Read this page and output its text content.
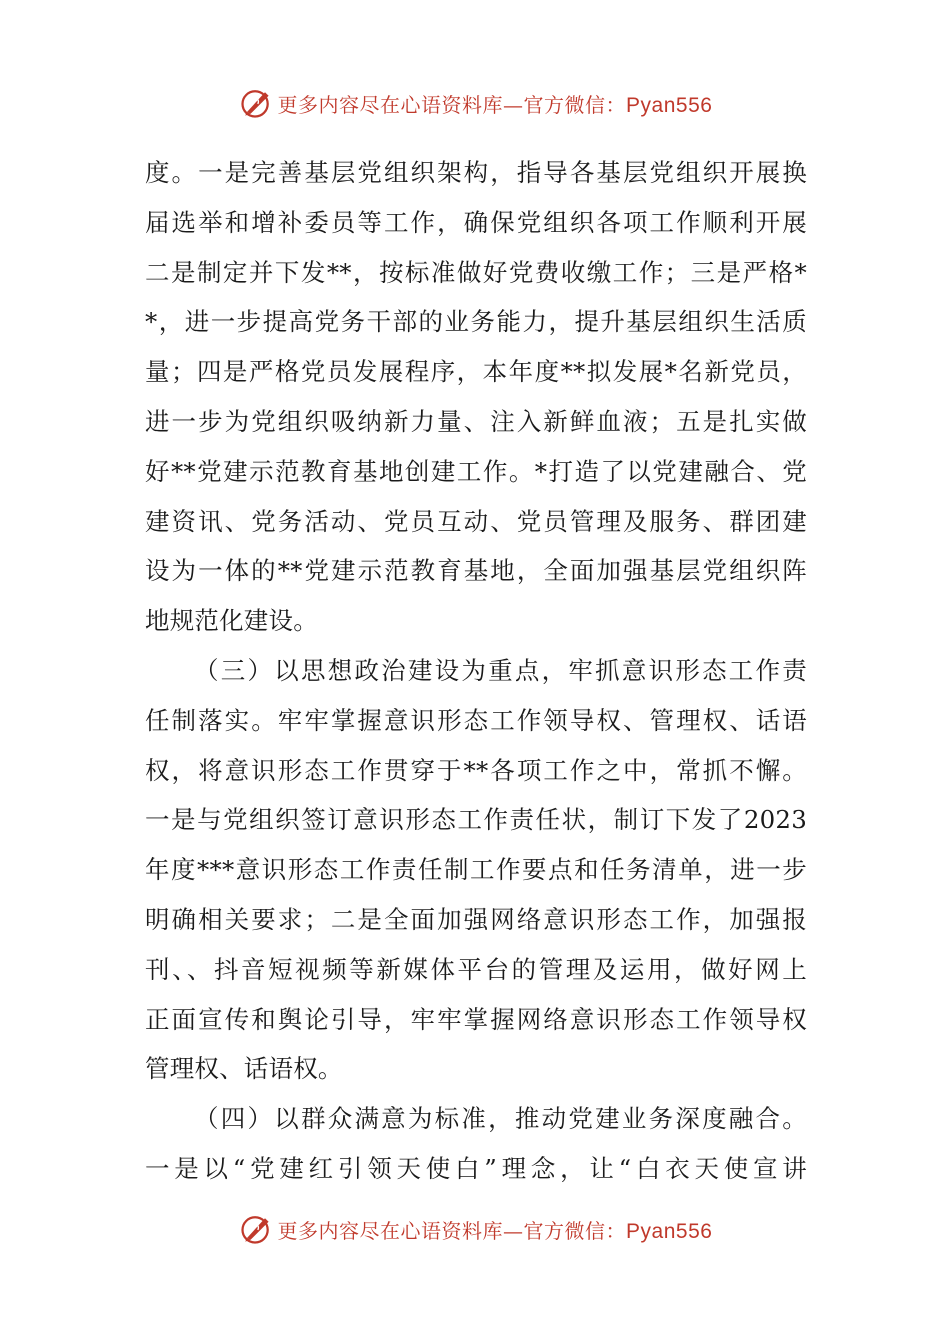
更多内容尽在心语资料库—官方微信：Pyan556
度。一是完善基层党组织架构，指导各基层党组织开展换
届选举和增补委员等工作，确保党组织各项工作顺利开展
二是制定并下发**，按标准做好党费收缴工作；三是严格*
*，进一步提高党务干部的业务能力，提升基层组织生活质
量；四是严格党员发展程序，本年度**拟发展*名新党员，
进一步为党组织吸纳新力量、注入新鲜血液；五是扎实做
好**党建示范教育基地创建工作。*打造了以党建融合、党
建资讯、党务活动、党员互动、党员管理及服务、群团建
设为一体的**党建示范教育基地，全面加强基层党组织阵
地规范化建设。
（三）以思想政治建设为重点，牢抓意识形态工作责
任制落实。牢牢掌握意识形态工作领导权、管理权、话语
权，将意识形态工作贯穿于**各项工作之中，常抓不懈。
一是与党组织签订意识形态工作责任状，制订下发了2023
年度***意识形态工作责任制工作要点和任务清单，进一步
明确相关要求；二是全面加强网络意识形态工作，加强报
刊、、抖音短视频等新媒体平台的管理及运用，做好网上
正面宣传和舆论引导，牢牢掌握网络意识形态工作领导权
管理权、话语权。
（四）以群众满意为标准，推动党建业务深度融合。
一是以“党建红引领天使白”理念，让“白衣天使宣讲
更多内容尽在心语资料库—官方微信：Pyan556
